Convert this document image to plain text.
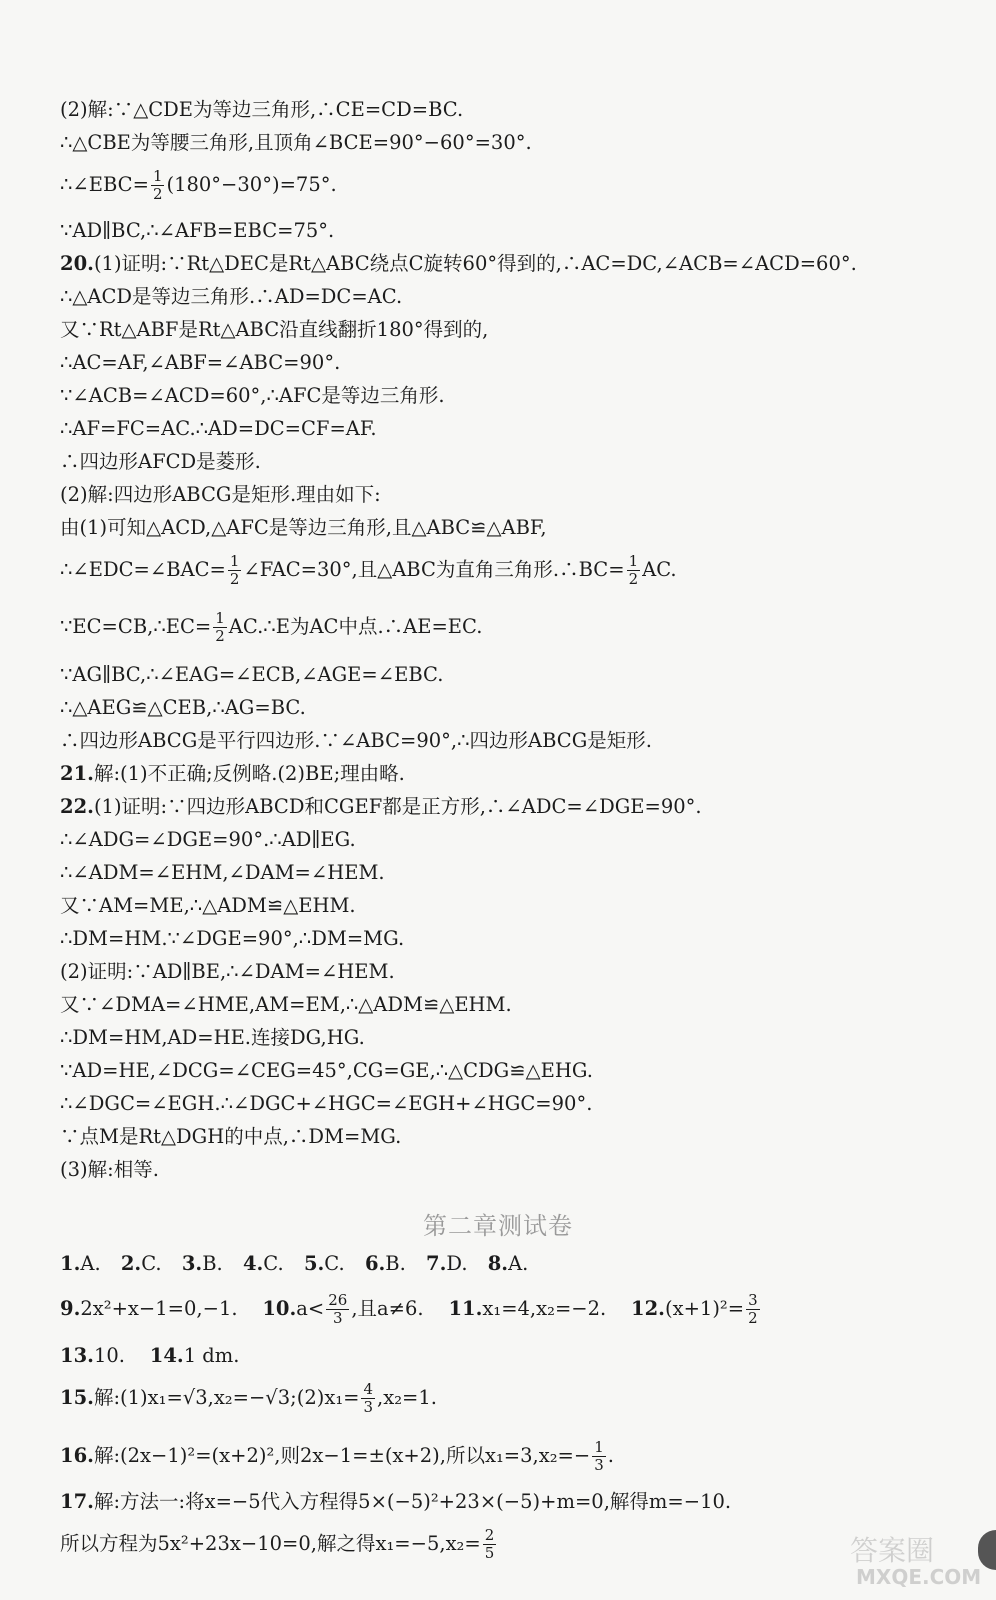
(2)解:∵△CDE为等边三角形,∴CE=CD=BC.
∴△CBE为等腰三角形,且顶角∠BCE=90°−60°=30°.
∴∠EBC= $\frac{1}{2} (180^\circ-30^\circ)=75^\circ$.
∵AD∥BC,∴∠AFB=EBC=75°.
20.(1)证明:∵Rt△DEC是Rt△ABC绕点C旋转60°得到的,∴AC=DC,∠ACB=∠ACD=60°.
∴△ACD是等边三角形.∴AD=DC=AC.
又∵Rt△ABF是Rt△ABC沿直线翻折180°得到的,
∴AC=AF,∠ABF=∠ABC=90°.
∵∠ACB=∠ACD=60°,∴AFC是等边三角形.
∴AF=FC=AC.∴AD=DC=CF=AF.
∴四边形AFCD是菱形.
(2)解:四边形ABCG是矩形.理由如下:
由(1)可知△ACD,△AFC是等边三角形,且△ABC≌△ABF,
∴∠EDC=∠BAC= $\frac{1}{2}$ ∠FAC=30°,且△ABC为直角三角形.∴BC= $\frac{1}{2}$ AC.
∵EC=CB,∴EC= $\frac{1}{2}$ AC.∴E为AC中点.∴AE=EC.
∵AG∥BC,∴∠EAG=∠ECB,∠AGE=∠EBC.
∴△AEG≌△CEB,∴AG=BC.
∴四边形ABCG是平行四边形.∵∠ABC=90°,∴四边形ABCG是矩形.
21.解:(1)不正确;反例略.(2)BE;理由略.
22.(1)证明:∵四边形ABCD和CGEF都是正方形,∴∠ADC=∠DGE=90°.
∴∠ADG=∠DGE=90°.∴AD∥EG.
∴∠ADM=∠EHM,∠DAM=∠HEM.
又∵AM=ME,∴△ADM≌△EHM.
∴DM=HM.∵∠DGE=90°,∴DM=MG.
(2)证明:∵AD∥BE,∴∠DAM=∠HEM.
又∵∠DMA=∠HME,AM=EM,∴△ADM≌△EHM.
∴DM=HM,AD=HE.连接DG,HG.
∵AD=HE,∠DCG=∠CEG=45°,CG=GE,∴△CDG≌△EHG.
∴∠DGC=∠EGH.∴∠DGC+∠HGC=∠EGH+∠HGC=90°.
∵点M是Rt△DGH的中点,∴DM=MG.
(3)解:相等.
第二章测试卷
1.A. 2.C. 3.B. 4.C. 5.C. 6.B. 7.D. 8.A.
9.2x²+x−1=0,−1. $10.a< \frac{26}{3}$ ,且a≠6. 11.x₁=4,x₂=−2. $12.(x+1)^2= \frac{3}{2}$
13.10. 14.1 dm.
15.解:(1)x₁=√3,x₂=−√3;(2)x₁= $\frac{4}{3} ,x_2=1$.
16.解:(2x−1)²=(x+2)²,则2x−1=±(x+2),所以$x_1=3,x_2=- \frac{1}{3}$ .
17.解:方法一:将x=−5代入方程得5×(−5)²+23×(−5)+m=0,解得m=−10.
所以方程为5x²+23x−10=0,解之得$x_1=-5,x_2= \frac{2}{5}$	答案圈
MXQE.COM
